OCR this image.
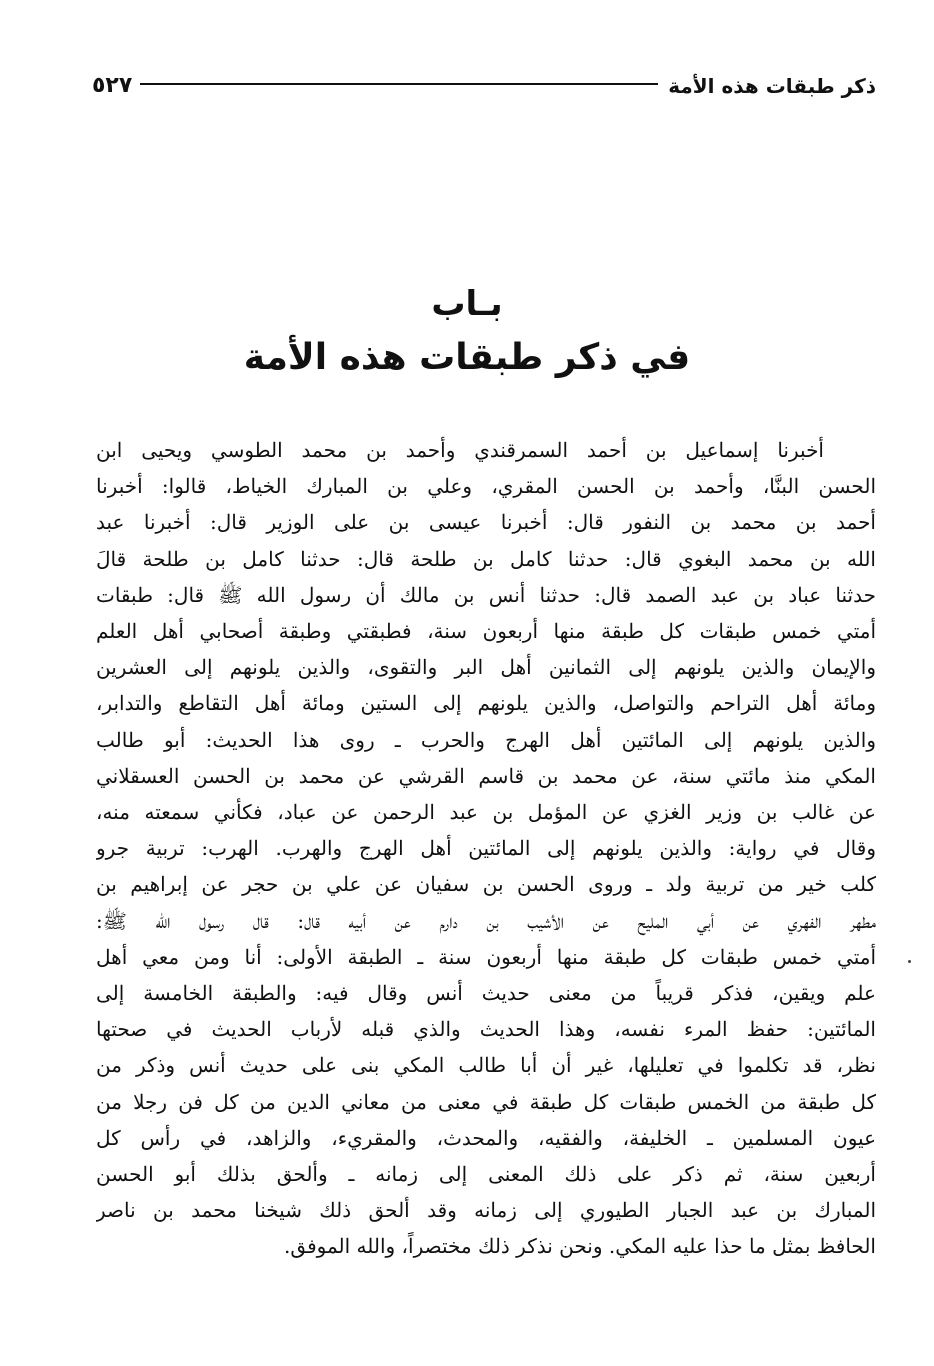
ذكر طبقات هذه الأمة
٥٢٧
بـاب
في ذكر طبقات هذه الأمة

أخبرنا إسماعيل بن أحمد السمرقندي وأحمد بن محمد الطوسي ويحيى ابن
الحسن البنَّا، وأحمد بن الحسن المقري، وعلي بن المبارك الخياط، قالوا: أخبرنا
أحمد بن محمد بن النفور قال: أخبرنا عيسى بن على الوزير قال: أخبرنا عبد
الله بن محمد البغوي قال: حدثنا كامل بن طلحة قال: حدثنا كامل بن طلحة قالَ
حدثنا عباد بن عبد الصمد قال: حدثنا أنس بن مالك أن رسول الله ﷺ قال: طبقات
أمتي خمس طبقات كل طبقة منها أربعون سنة، فطبقتي وطبقة أصحابي أهل العلم
والإيمان والذين يلونهم إلى الثمانين أهل البر والتقوى، والذين يلونهم إلى العشرين
ومائة أهل التراحم والتواصل، والذين يلونهم إلى الستين ومائة أهل التقاطع والتدابر،
والذين يلونهم إلى المائتين أهل الهرج والحرب ـ روى هذا الحديث: أبو طالب
المكي منذ مائتي سنة، عن محمد بن قاسم القرشي عن محمد بن الحسن العسقلاني
عن غالب بن وزير الغزي عن المؤمل بن عبد الرحمن عن عباد، فكأني سمعته منه،
وقال في رواية: والذين يلونهم إلى المائتين أهل الهرج والهرب. الهرب: تربية جرو
كلب خير من تربية ولد ـ وروى الحسن بن سفيان عن علي بن حجر عن إبراهيم بن
مطهر الفهري عن أبي المليح عن الأشيب بن دارم عن أبيه قال: قال رسول الله ﷺ:
أمتي خمس طبقات كل طبقة منها أربعون سنة ـ الطبقة الأولى: أنا ومن معي أهل
علم ويقين، فذكر قريباً من معنى حديث أنس وقال فيه: والطبقة الخامسة إلى
المائتين: حفظ المرء نفسه، وهذا الحديث والذي قبله لأرباب الحديث في صحتها
نظر، قد تكلموا في تعليلها، غير أن أبا طالب المكي بنى على حديث أنس وذكر من
كل طبقة من الخمس طبقات كل طبقة في معنى من معاني الدين من كل فن رجلا من
عيون المسلمين ـ الخليفة، والفقيه، والمحدث، والمقريء، والزاهد، في رأس كل
أربعين سنة، ثم ذكر على ذلك المعنى إلى زمانه ـ وألحق بذلك أبو الحسن
المبارك بن عبد الجبار الطيوري إلى زمانه وقد ألحق ذلك شيخنا محمد بن ناصر
الحافظ بمثل ما حذا عليه المكي. ونحن نذكر ذلك مختصراً، والله الموفق.
